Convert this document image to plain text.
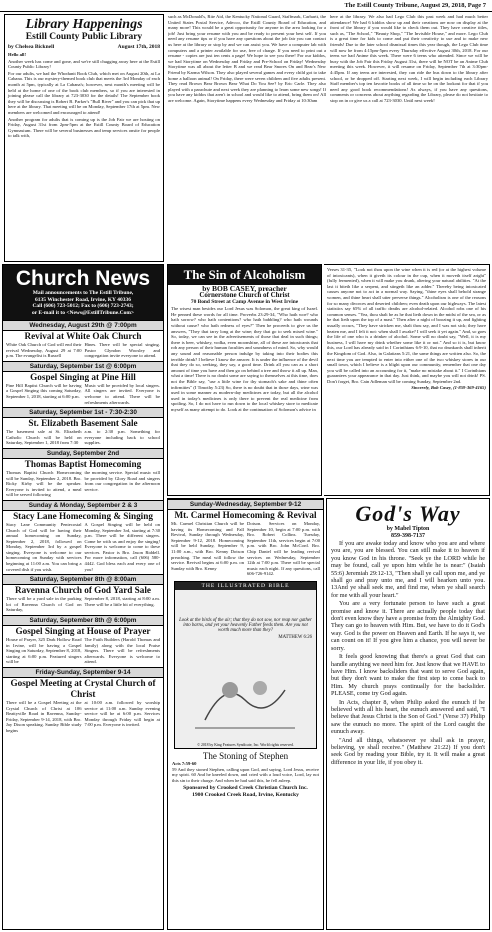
The Estill County Tribune, August 29, 2018, Page 7
Library Happenings
Estill County Public Library
by Chelsea Bicknell	August 17th, 2018

Hello all!

Another week has come and gone, and we're still chugging away here at the Estill County Public Library!

For our adults, we had the Whodunit Book Club, which met on August 20th, at La Cabana. This is our mystery-themed book club that meets the 3rd Monday of each month at 5pm, typically at La Cabana's; however, next month's meeting will be held at the home of one of the book club members, so if you are interested in joining please call the library at 723-3030 for the details! The September book they will be discussing is Robert B. Parker's "Bull River" and you can pick that up here at the library. That meeting will be on Monday, September 17th at 5pm. New members are welcomed and encouraged to attend!

Another program for adults that is coming up is the Job Fair we are hosting on Friday, August 31st from 2pm-5pm at the Estill County Board of Education Gymnasium. There will be several businesses and temp services onsite for people to talk with,

such as McDonald's, Rite Aid, the Kentucky National Guard, Staffmark, Carhartt, the United States Postal Service, Adecco, the Estill County Board of Education, and many more! This would be a great opportunity for anyone in the area looking for a job! Just bring your resume with you and be ready to present your best self. If you need any resume tips or if you have any questions about the job fair you can contact us here at the library or stop by and we can assist you. We have a computer lab with computers and a printer available for use, free of charge. If you need to print out a resume - copies are just ten cents a page! We hope to see you there! For our kiddos, we had Storytime on Wednesday and Friday and Pre-School on Friday! Wednesday Storytime was all about the letter B and we read Bear Snores On and Bear's New Friend by Karma Wilson. They also played several games and every child got to take home a balloon animal! On Friday, there were seven children and five adults present. They read Brown Bear Brown Bear What Do You See? by Eric Carle. They also played with a parachute and next week they are planning to learn some new songs! If you have any kiddos that aren't in school and would like to attend, bring them on! All are welcome. Again, Storytime happens every Wednesday and Friday at 10:30am
here at the library. We also had Lego Club this past week and had much better attendance! We had 6 kiddos show up and their creations are now on display at the front of the library if you would like to check them out. They have creative titles, such as, "The School," "Beauty Shop," "The Invisible House," and more. Lego Club is a great time for kids to come and put their creativity to use and to make new friends! Due to the later school dismissal times this year though, the Lego Club time will now be from 4:15pm-5pm every Thursday effective August 30th, 2018. For our teens we had Anime this week. There were 6 teens who attended. Since we will be busy with the Job Fair this Friday August 31st, there will be NOT be an Anime Club meeting this week. However, it will resume on Friday, September 7th at 3:30pm-4:45pm. If any teens are interested, they can ride the bus down to the library after school, or be dropped off. Starting next week, I will begin including each Library Staff member's top ten favorite books of all time so be on the lookout for that if you need any good book recommendations! As always, if you have any questions, comments or concerns about anything regarding the Library, please do not hesitate to stop on in or give us a call at 723-3030. Until next week!
Church News
Mail announcements to The Estill Tribune,
6135 Winchester Road, Irvine, KY 40336
Call (606) 723-5012; Fax to (606) 723-2743;
or E-mail it to <News@EstillTribune.Com>
Wednesday, August 29th @ 7:00pm
Revival at White Oak Church
White Oak Church of God will end their revival Wednesday, August 29 at 7:00 p.m. The evangelist is Russell
Hines. There will be special singing. Pastor Glyndon Woosley and congregation invite everyone to attend.
Saturday, September 1st @ 6:00pm
Gospel Singing at Pine Hill
Pine Hill Baptist Church will be having a Gospel Singing this coming Saturday, September 1, 2018, starting at 6:00 p.m.
Music will be provided by local singers. All singers are invited. Everyone is welcome to attend. There will be refreshments afterwards.
Saturday, September 1st - 7:30-2:30
St. Elizabeth Basement Sale
The basement sale at St. Elizabeth Catholic Church will be held on Saturday, September 1, 2018 from 7:30
a.m. to 2:30 p.m. Something for everyone including back to school supplies.
Sunday, September 2nd
Thomas Baptist Homecoming
Thomas Baptist Church Homecoming will be Sunday, September 2, 2018. Bro. Ricky Kirby will be the speaker. Everyone is invited to attend, a meal will be served following
the morning service. Special music will be provided by Glory Road and singers from our congregation in the afternoon service.
Sunday & Monday, September 2 & 3
Stacy Lane Homecoming & Singing
Stacy Lane Community Pentecostal Church of God will be having their annual homecoming on Sunday, September 2, 2018, followed on Monday, September 3rd by a gospel singing. Everyone is welcome to our homecoming on Sunday with services beginning at 11:00 a.m. You can bring a covered dish if you wish.
A Gospel Singing will be held on Monday, September 3rd, starting at 7:30 p.m. There will be different singers. Come be with us and enjoy the singing! Everyone is welcome to come to these services. Pastor is Bro. Jason Riddell. For more information, call (606) 580-4442. God bless each and every one of you!
Saturday, September 8th @ 8:00am
Ravenna Church of God Yard Sale
There will be a yard sale in the parking lot of Ravenna Church of God on Saturday,
September 8, 2018, starting at 8:00 a.m. There will be a little bit of everything.
Saturday, September 8th @ 6:00pm
Gospel Singing at House of Prayer
House of Prayer, 325 Dark Hollow Road in Irvine, will be having a Gospel Singing on Saturday, September 8, 2018, starting at 6:00 p.m. Featured singers will be
The Faith Builders (Harold Thomas and family) along with the local Praise Singers. There will be refreshments afterwards. Everyone is welcome to attend.
Friday-Sunday, September 9-14
Gospel Meeting at Crystal Church of Christ
There will be a Gospel Meeting at the Crystal Church of Christ at 106 Beattyville Road in Ravenna, Sunday-Friday, September 9-14, 2018, with Bro. Jay Dixon speaking. Sunday Bible study begins
at 10:00 a.m. followed by worship service at 11:00 a.m. Sunday evening service will be at 6:00 p.m. Services Monday through Friday will begin at 7:00 p.m. Everyone is invited.
The Sin of Alcoholism
by BOB CASEY, preacher
Cornerstone Church of Christ
70 Bond Street at Camp Avenue in West Irvine
The wisest man besides our Lord Jesus was Solomon, the great king of Israel. He penned these words for all time. Proverbs 23:29-34, "Who hath woe? who hath sorrow? who hath contentions? who hath babbling? who hath wounds without cause? who hath redness of eyes?" Then he proceeds to give us the answers, "They that tarry long at the wine; they that go to seek mixed wine." So, today, we can see in the advertisements of those that deal in such things; there is beer, whiskey, vodka, even moonshine, all of these are intoxicants that rob any person of their human faculties and soundness of mind. So, why would any sound and reasonable person indulge by taking into their bodies this terrible drink? I believe I know the answer. It is under the influence of the devil that they do so, seeking, they say, a good time. Drink all you can as a short amount of time you have and then go on behind a tree and throw it all up. Man, what a time! There is no doubt some are saying to themselves at this time, does not the Bible say, "use a little wine for thy stomach's sake and thine often infirmities" (I Timothy 5:23) So, there is no doubt that in those days, wine was used in some manner as modern-day medicines are today, but all the alcohol used in today's medicines is only there to prevent the real medicine from spoiling. So, I do not have to run down to the local whiskey store to medicate myself as many attempt to do. Look at the continuation of Solomon's advice in
Verses 31-35, "Look not thou upon the wine when it is red (or at the highest volume of intoxicants), when it giveth its colour in the cup, when it moveth itself aright" (fully fermented), when it will make you drunk, altering your natural abilities. "At the last it biteth like a serpent, and stingeth like an adder." Thereby being intoxicated causes anyone not to act in a normal way. Saying, "thine eyes shall behold strange women, and thine heart shall utter perverse things." Alcoholism is one of the reasons for so many divorces and deserted children; even death upon our highways. The latest statistics say 65% of all traffic deaths are alcohol-related. Alcohol robs one of his common senses. "Yea, thou shalt be as he that lieth down in the midst of the sea, or as he that lieth upon the top of a mast." Then after a night of boozing it up, and fighting usually occurs, "They have stricken me, shalt thou say, and I was not sick; they have beaten me, and I felt it not: when shall I awake? I will seek it yet again." And, so goes the life of one who is a drinker of alcohol. Some will no doubt say, "Well, it is my business, I will have my drink whether some like it or not." And so it is, but know this, our Lord has already said in I Corinthians 6:9-10, that no drunkards shall inherit the Kingdom of God. Also, in Galatians 5:21, the same things are written also. So, the next time you are tempted to enter into either one of the two whiskey stores in our small town, which I believe is a blight upon our community, remember that one day you will be called into an accounting for it, "make no mistake about it." I Corinthians guarantees your appearance in that day. Just think, and maybe you will not drink! PS. Don't forget, Bro. Cain Adleman will be coming Sunday, September 2nd.
Sincerely, Bob Casey, (1-859-369-4165)
Sunday-Wednesday, September 9-12
Mt. Carmel Homecoming & Revival
Mt. Carmel Christian Church will be having its Homecoming and Fall Revival, Sunday through Wednesday, September 9-12, 2018. Homecoming will be held Sunday, September 9, 11:00 a.m., with Bro. Kenny Dotson preaching. The meal will follow the service. Revival begins at 6:00 p.m. on Sunday with Bro. Kenny
Dotson. Services on Monday, September 10, begin at 7:00 p.m. with Bro. Robert Collins. Tuesday, September 11th, services begin at 7:00 p.m. with Bro. John McCord. Bro. Chip Daniel will be leading revival services on Wednesday, September 12th at 7:00 p.m. There will be special music each night. If any questions, call 606-726-9142.
THE ILLUSTRATED BIBLE
Look at the birds of the air; that they do not sow, nor reap nor gather into barns, and yet your heavenly Father feeds them. Are you not worth much more than they?
MATTHEW 6:26
© 2018 by King Features Syndicate, Inc. World rights reserved.
The Stoning of Stephen
Acts 7:59-60
59 And they stoned Stephen, calling upon God, and saying, Lord Jesus, receive my spirit. 60 And he kneeled down, and cried with a loud voice, Lord, lay not this sin to their charge. And when he had said this, he fell asleep.
Sponsored by Crooked Creek Christian Church Inc.
1900 Crooked Creek Road, Irvine, Kentucky
God's Way
by Mabel Tipton
859-398-7137

If you are awake today and know who you are and where you are, you are blessed. You can still make it to heaven if you know God in his throne. "Seek ye the LORD while he may be found, call ye upon him while he is near:" (Isaiah 55:6) Jeremiah 29:12-13, "Then shall ye call upon me, and ye shall go and pray unto me, and I will hearken unto you. 13And ye shall seek me, and find me, when ye shall search for me with all your heart."

You are a very fortunate person to have such a great promise and know it. There are actually people today that don't even know they have a promise from the Almighty God. They can go to heaven with Him. But, we have to do it God's way. God is the power on Heaven and Earth. If he says it, we can count on it! If you give him a chance, you will never be sorry.

It feels good knowing that there's a great God that can handle anything we need him for. Just know that we HAVE to have Him. I know backsliders that want to serve God again, but they don't want to make the first step to come back to Him. My church prays continually for the backslider. PLEASE, come try God again.

In Acts, chapter 8, when Philip asked the eunuch if he believed with all his heart, the eunuch answered and said, "I believe that Jesus Christ is the Son of God." (Verse 37) Philip saw the eunuch no more. The spirit of the Lord caught the eunuch away.

"And all things, whatsoever ye shall ask in prayer, believing, ye shall receive." (Matthew 21:22) If you don't seek God by reading your Bible, try it. It will make a great difference in your life, if you obey it.
